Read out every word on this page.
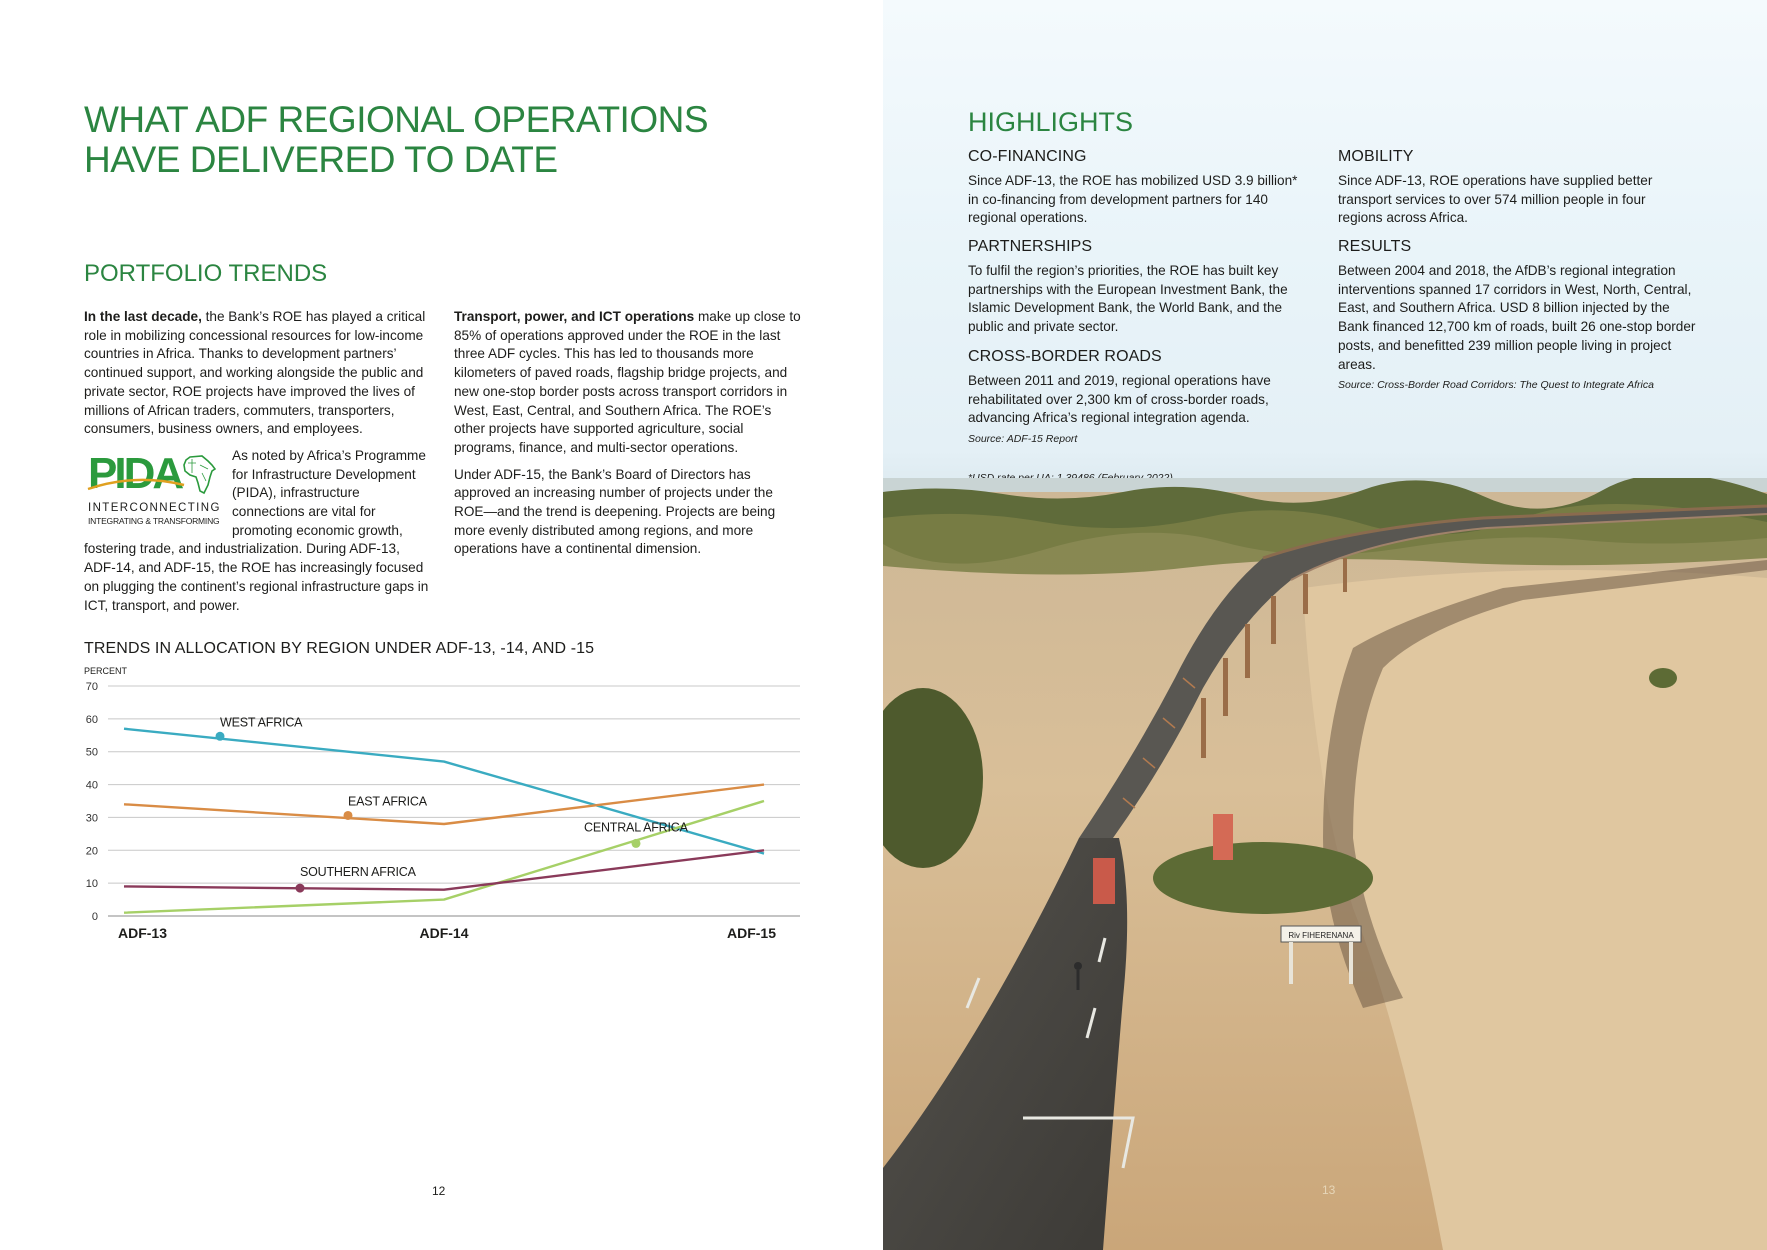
WHAT ADF REGIONAL OPERATIONS HAVE DELIVERED TO DATE
PORTFOLIO TRENDS

In the last decade, the Bank’s ROE has played a critical role in mobilizing concessional resources for low-income countries in Africa. Thanks to development partners’ continued support, and working alongside the public and private sector, ROE projects have improved the lives of millions of African traders, commuters, transporters, consumers, business owners, and employees.

PIDA
INTERCONNECTING
INTEGRATING & TRANSFORMING
As noted by Africa’s Programme for Infrastructure Development (PIDA), infrastructure connections are vital for promoting economic growth, fostering trade, and industrialization. During ADF-13, ADF-14, and ADF-15, the ROE has increasingly focused on plugging the continent’s regional infrastructure gaps in ICT, transport, and power.

Transport, power, and ICT operations make up close to 85% of operations approved under the ROE in the last three ADF cycles. This has led to thousands more kilometers of paved roads, flagship bridge projects, and new one-stop border posts across transport corridors in West, East, Central, and Southern Africa. The ROE’s other projects have supported agriculture, social programs, finance, and multi-sector operations.

Under ADF-15, the Bank’s Board of Directors has approved an increasing number of projects under the ROE—and the trend is deepening. Projects are being more evenly distributed among regions, and more operations have a continental dimension.

TRENDS IN ALLOCATION BY REGION UNDER ADF-13, -14, AND -15
PERCENT
0
10
20
30
40
50
60
70
ADF-13	ADF-14	ADF-15
WEST AFRICA
EAST AFRICA
CENTRAL AFRICA
SOUTHERN AFRICA
12
HIGHLIGHTS
CO-FINANCING

Since ADF-13, the ROE has mobilized USD 3.9 billion* in co-financing from development partners for 140 regional operations.

PARTNERSHIPS

To fulfil the region’s priorities, the ROE has built key partnerships with the European Investment Bank, the Islamic Development Bank, the World Bank, and the public and private sector.

CROSS-BORDER ROADS

Between 2011 and 2019, regional operations have rehabilitated over 2,300 km of cross-border roads, advancing Africa’s regional integration agenda.

Source: ADF-15 Report

MOBILITY

Since ADF-13, ROE operations have supplied better transport services to over 574 million people in four regions across Africa.

RESULTS

Between 2004 and 2018, the AfDB’s regional integration interventions spanned 17 corridors in West, North, Central, East, and Southern Africa. USD 8 billion injected by the Bank financed 12,700 km of roads, built 26 one-stop border posts, and benefitted 239 million people living in project areas.

Source: Cross-Border Road Corridors: The Quest to Integrate Africa

Riv FIHERENANA
13
